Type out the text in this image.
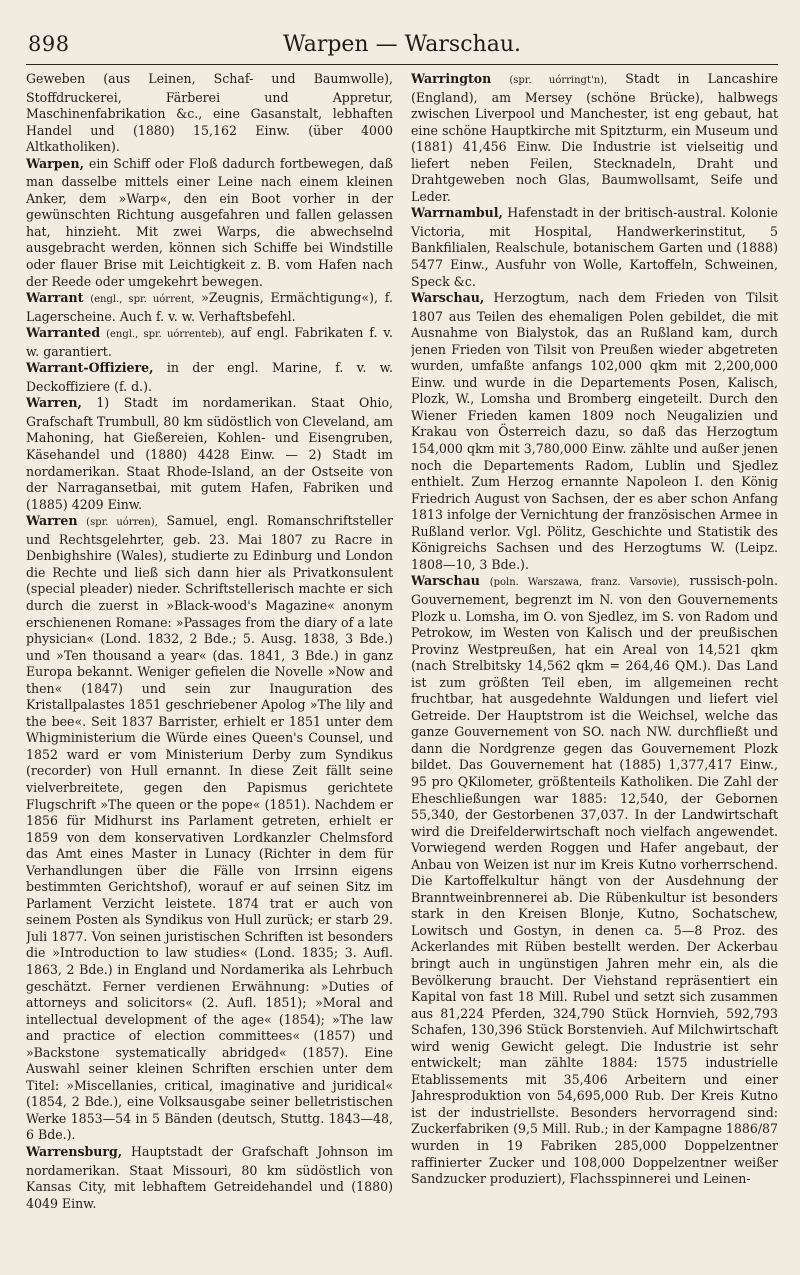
898	Warpen — Warschau.

Geweben (aus Leinen, Schaf- und Baumwolle), Stoffdruckerei, Färberei und Appretur, Maschinenfabrikation &c., eine Gasanstalt, lebhaften Handel und (1880) 15,162 Einw. (über 4000 Altkatholiken).

Warpen, ein Schiff oder Floß dadurch fortbewegen, daß man dasselbe mittels einer Leine nach einem kleinen Anker, dem »Warp«, den ein Boot vorher in der gewünschten Richtung ausgefahren und fallen gelassen hat, hinzieht. Mit zwei Warps, die abwechselnd ausgebracht werden, können sich Schiffe bei Windstille oder flauer Brise mit Leichtigkeit z. B. vom Hafen nach der Reede oder umgekehrt bewegen.

Warrant (engl., spr. uórrent, »Zeugnis, Ermächtigung«), f. Lagerscheine. Auch f. v. w. Verhaftsbefehl.

Warranted (engl., spr. uórrenteb), auf engl. Fabrikaten f. v. w. garantiert.

Warrant-Offiziere, in der engl. Marine, f. v. w. Deckoffiziere (f. d.).

Warren, 1) Stadt im nordamerikan. Staat Ohio, Grafschaft Trumbull, 80 km südöstlich von Cleveland, am Mahoning, hat Gießereien, Kohlen- und Eisengruben, Käsehandel und (1880) 4428 Einw. — 2) Stadt im nordamerikan. Staat Rhode-Island, an der Ostseite von der Narragansetbai, mit gutem Hafen, Fabriken und (1885) 4209 Einw.

Warren (spr. uórren), Samuel, engl. Romanschriftsteller und Rechtsgelehrter, geb. 23. Mai 1807 zu Racre in Denbighshire (Wales), studierte zu Edinburg und London die Rechte und ließ sich dann hier als Privatkonsulent (special pleader) nieder. Schriftstellerisch machte er sich durch die zuerst in »Black-wood's Magazine« anonym erschienenen Romane: »Passages from the diary of a late physician« (Lond. 1832, 2 Bde.; 5. Ausg. 1838, 3 Bde.) und »Ten thousand a year« (das. 1841, 3 Bde.) in ganz Europa bekannt. Weniger gefielen die Novelle »Now and then« (1847) und sein zur Inauguration des Kristallpalastes 1851 geschriebener Apolog »The lily and the bee«. Seit 1837 Barrister, erhielt er 1851 unter dem Whigministerium die Würde eines Queen's Counsel, und 1852 ward er vom Ministerium Derby zum Syndikus (recorder) von Hull ernannt. In diese Zeit fällt seine vielverbreitete, gegen den Papismus gerichtete Flugschrift »The queen or the pope« (1851). Nachdem er 1856 für Midhurst ins Parlament getreten, erhielt er 1859 von dem konservativen Lordkanzler Chelmsford das Amt eines Master in Lunacy (Richter in dem für Verhandlungen über die Fälle von Irrsinn eigens bestimmten Gerichtshof), worauf er auf seinen Sitz im Parlament Verzicht leistete. 1874 trat er auch von seinem Posten als Syndikus von Hull zurück; er starb 29. Juli 1877. Von seinen juristischen Schriften ist besonders die »Introduction to law studies« (Lond. 1835; 3. Aufl. 1863, 2 Bde.) in England und Nordamerika als Lehrbuch geschätzt. Ferner verdienen Erwähnung: »Duties of attorneys and solicitors« (2. Aufl. 1851); »Moral and intellectual development of the age« (1854); »The law and practice of election committees« (1857) und »Backstone systematically abridged« (1857). Eine Auswahl seiner kleinen Schriften erschien unter dem Titel: »Miscellanies, critical, imaginative and juridical« (1854, 2 Bde.), eine Volksausgabe seiner belletristischen Werke 1853—54 in 5 Bänden (deutsch, Stuttg. 1843—48, 6 Bde.).

Warrensburg, Hauptstadt der Grafschaft Johnson im nordamerikan. Staat Missouri, 80 km südöstlich von Kansas City, mit lebhaftem Getreidehandel und (1880) 4049 Einw.

Warrington (spr. uórringt'n), Stadt in Lancashire (England), am Mersey (schöne Brücke), halbwegs zwischen Liverpool und Manchester, ist eng gebaut, hat eine schöne Hauptkirche mit Spitzturm, ein Museum und (1881) 41,456 Einw. Die Industrie ist vielseitig und liefert neben Feilen, Stecknadeln, Draht und Drahtgeweben noch Glas, Baumwollsamt, Seife und Leder.

Warrnambul, Hafenstadt in der britisch-austral. Kolonie Victoria, mit Hospital, Handwerkerinstitut, 5 Bankfilialen, Realschule, botanischem Garten und (1888) 5477 Einw., Ausfuhr von Wolle, Kartoffeln, Schweinen, Speck &c.

Warschau, Herzogtum, nach dem Frieden von Tilsit 1807 aus Teilen des ehemaligen Polen gebildet, die mit Ausnahme von Bialystok, das an Rußland kam, durch jenen Frieden von Tilsit von Preußen wieder abgetreten wurden, umfaßte anfangs 102,000 qkm mit 2,200,000 Einw. und wurde in die Departements Posen, Kalisch, Plozk, W., Lomsha und Bromberg eingeteilt. Durch den Wiener Frieden kamen 1809 noch Neugalizien und Krakau von Österreich dazu, so daß das Herzogtum 154,000 qkm mit 3,780,000 Einw. zählte und außer jenen noch die Departements Radom, Lublin und Sjedlez enthielt. Zum Herzog ernannte Napoleon I. den König Friedrich August von Sachsen, der es aber schon Anfang 1813 infolge der Vernichtung der französischen Armee in Rußland verlor. Vgl. Pölitz, Geschichte und Statistik des Königreichs Sachsen und des Herzogtums W. (Leipz. 1808—10, 3 Bde.).

Warschau (poln. Warszawa, franz. Varsovie), russisch-poln. Gouvernement, begrenzt im N. von den Gouvernements Plozk u. Lomsha, im O. von Sjedlez, im S. von Radom und Petrokow, im Westen von Kalisch und der preußischen Provinz Westpreußen, hat ein Areal von 14,521 qkm (nach Strelbitsky 14,562 qkm = 264,46 QM.). Das Land ist zum größten Teil eben, im allgemeinen recht fruchtbar, hat ausgedehnte Waldungen und liefert viel Getreide. Der Hauptstrom ist die Weichsel, welche das ganze Gouvernement von SO. nach NW. durchfließt und dann die Nordgrenze gegen das Gouvernement Plozk bildet. Das Gouvernement hat (1885) 1,377,417 Einw., 95 pro QKilometer, größtenteils Katholiken. Die Zahl der Eheschließungen war 1885: 12,540, der Gebornen 55,340, der Gestorbenen 37,037. In der Landwirtschaft wird die Dreifelderwirtschaft noch vielfach angewendet. Vorwiegend werden Roggen und Hafer angebaut, der Anbau von Weizen ist nur im Kreis Kutno vorherrschend. Die Kartoffelkultur hängt von der Ausdehnung der Branntweinbrennerei ab. Die Rübenkultur ist besonders stark in den Kreisen Blonje, Kutno, Sochatschew, Lowitsch und Gostyn, in denen ca. 5—8 Proz. des Ackerlandes mit Rüben bestellt werden. Der Ackerbau bringt auch in ungünstigen Jahren mehr ein, als die Bevölkerung braucht. Der Viehstand repräsentiert ein Kapital von fast 18 Mill. Rubel und setzt sich zusammen aus 81,224 Pferden, 324,790 Stück Hornvieh, 592,793 Schafen, 130,396 Stück Borstenvieh. Auf Milchwirtschaft wird wenig Gewicht gelegt. Die Industrie ist sehr entwickelt; man zählte 1884: 1575 industrielle Etablissements mit 35,406 Arbeitern und einer Jahresproduktion von 54,695,000 Rub. Der Kreis Kutno ist der industriellste. Besonders hervorragend sind: Zuckerfabriken (9,5 Mill. Rub.; in der Kampagne 1886/87 wurden in 19 Fabriken 285,000 Doppelzentner raffinierter Zucker und 108,000 Doppelzentner weißer Sandzucker produziert), Flachsspinnerei und Leinen-
